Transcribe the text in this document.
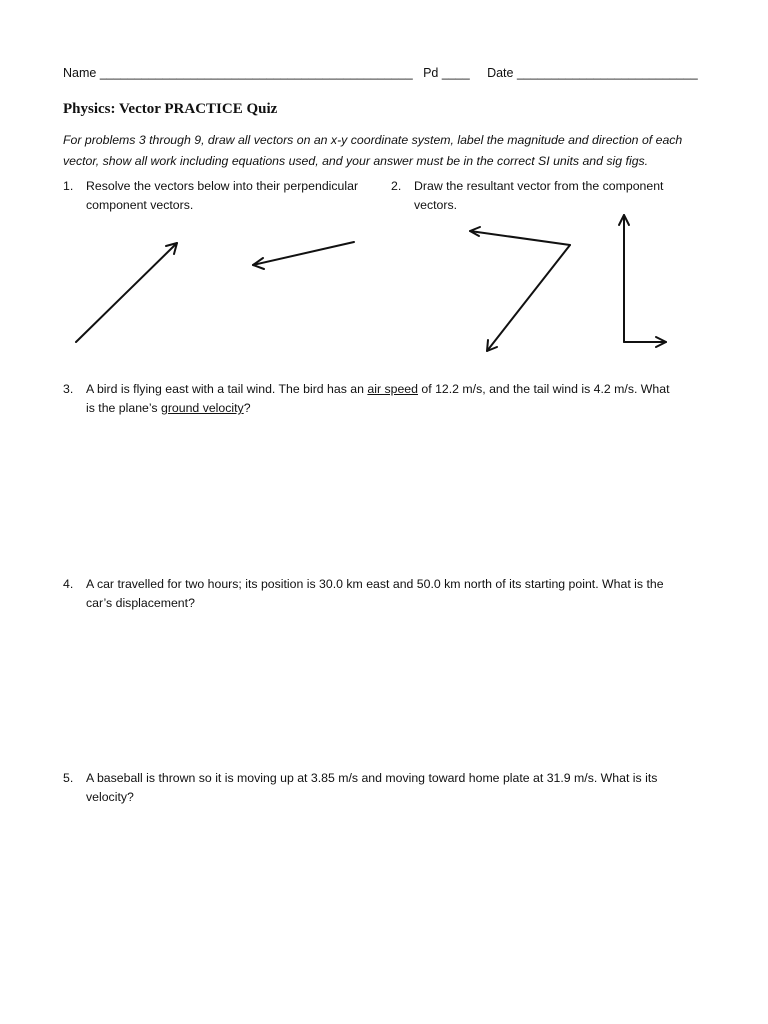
Name _____________________________________________ Pd ____ Date __________________________
Physics: Vector PRACTICE Quiz
For problems 3 through 9, draw all vectors on an x-y coordinate system, label the magnitude and direction of each vector, show all work including equations used, and your answer must be in the correct SI units and sig figs.
1. Resolve the vectors below into their perpendicular
component vectors.
2. Draw the resultant vector from the component
vectors.
3. A bird is flying east with a tail wind. The bird has an air speed of 12.2 m/s, and the tail wind is 4.2 m/s. What
is the plane’s ground velocity?
4. A car travelled for two hours; its position is 30.0 km east and 50.0 km north of its starting point. What is the
car’s displacement?
5. A baseball is thrown so it is moving up at 3.85 m/s and moving toward home plate at 31.9 m/s. What is its
velocity?
